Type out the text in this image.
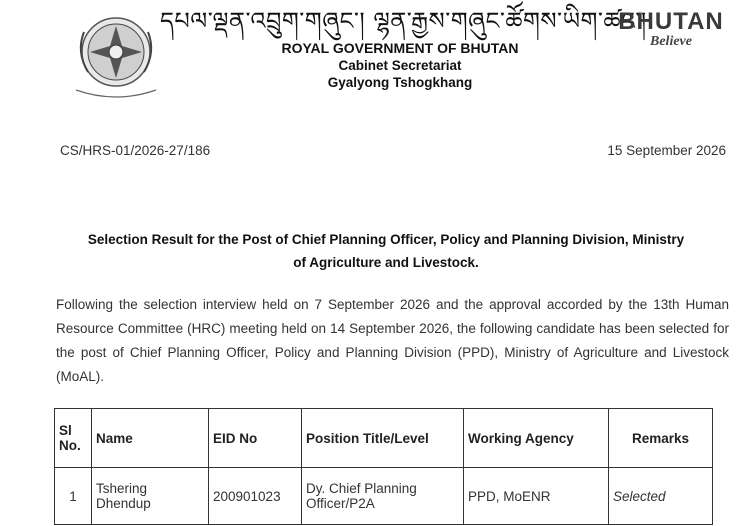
དཔལ་ལྡན་འབྲུག་གཞུང་། ལྷན་རྒྱས་གཞུང་ཚོགས་ཡིག་ཚང་།
ROYAL GOVERNMENT OF BHUTAN
Cabinet Secretariat
Gyalyong Tshogkhang
BHUTAN
Believe
CS/HRS-01/2026-27/186	15 September 2026
Selection Result for the Post of Chief Planning Officer, Policy and Planning Division, Ministry
of Agriculture and Livestock.
Following the selection interview held on 7 September 2026 and the approval accorded by the 13th Human Resource Committee (HRC) meeting held on 14 September 2026, the following candidate has been selected for the post of Chief Planning Officer, Policy and Planning Division (PPD), Ministry of Agriculture and Livestock (MoAL).
Sl No.	Name	EID No	Position Title/Level	Working Agency	Remarks
1	Tshering Dhendup	200901023	Dy. Chief Planning Officer/P2A	PPD, MoENR	Selected
